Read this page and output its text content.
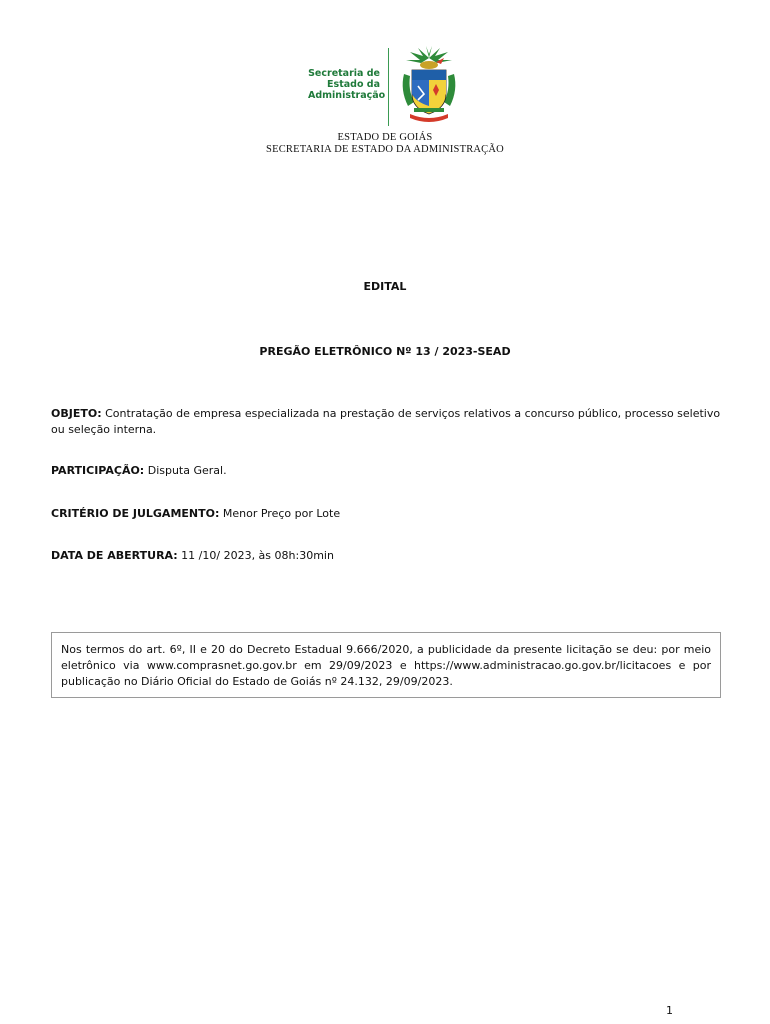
Secretaria de
Estado da
Administração
ESTADO DE GOIÁS
SECRETARIA DE ESTADO DA ADMINISTRAÇÃO
EDITAL
PREGÃO ELETRÔNICO Nº 13 / 2023-SEAD
OBJETO: Contratação de empresa especializada na prestação de serviços relativos a concurso público, processo seletivo ou seleção interna.
PARTICIPAÇÃO: Disputa Geral.
CRITÉRIO DE JULGAMENTO: Menor Preço por Lote
DATA DE ABERTURA: 11 /10/ 2023, às 08h:30min
Nos termos do art. 6º, II e 20 do Decreto Estadual 9.666/2020, a publicidade da presente licitação se deu: por meio eletrônico via www.comprasnet.go.gov.br em 29/09/2023 e https://www.administracao.go.gov.br/licitacoes e por publicação no Diário Oficial do Estado de Goiás nº 24.132, 29/09/2023.
1
